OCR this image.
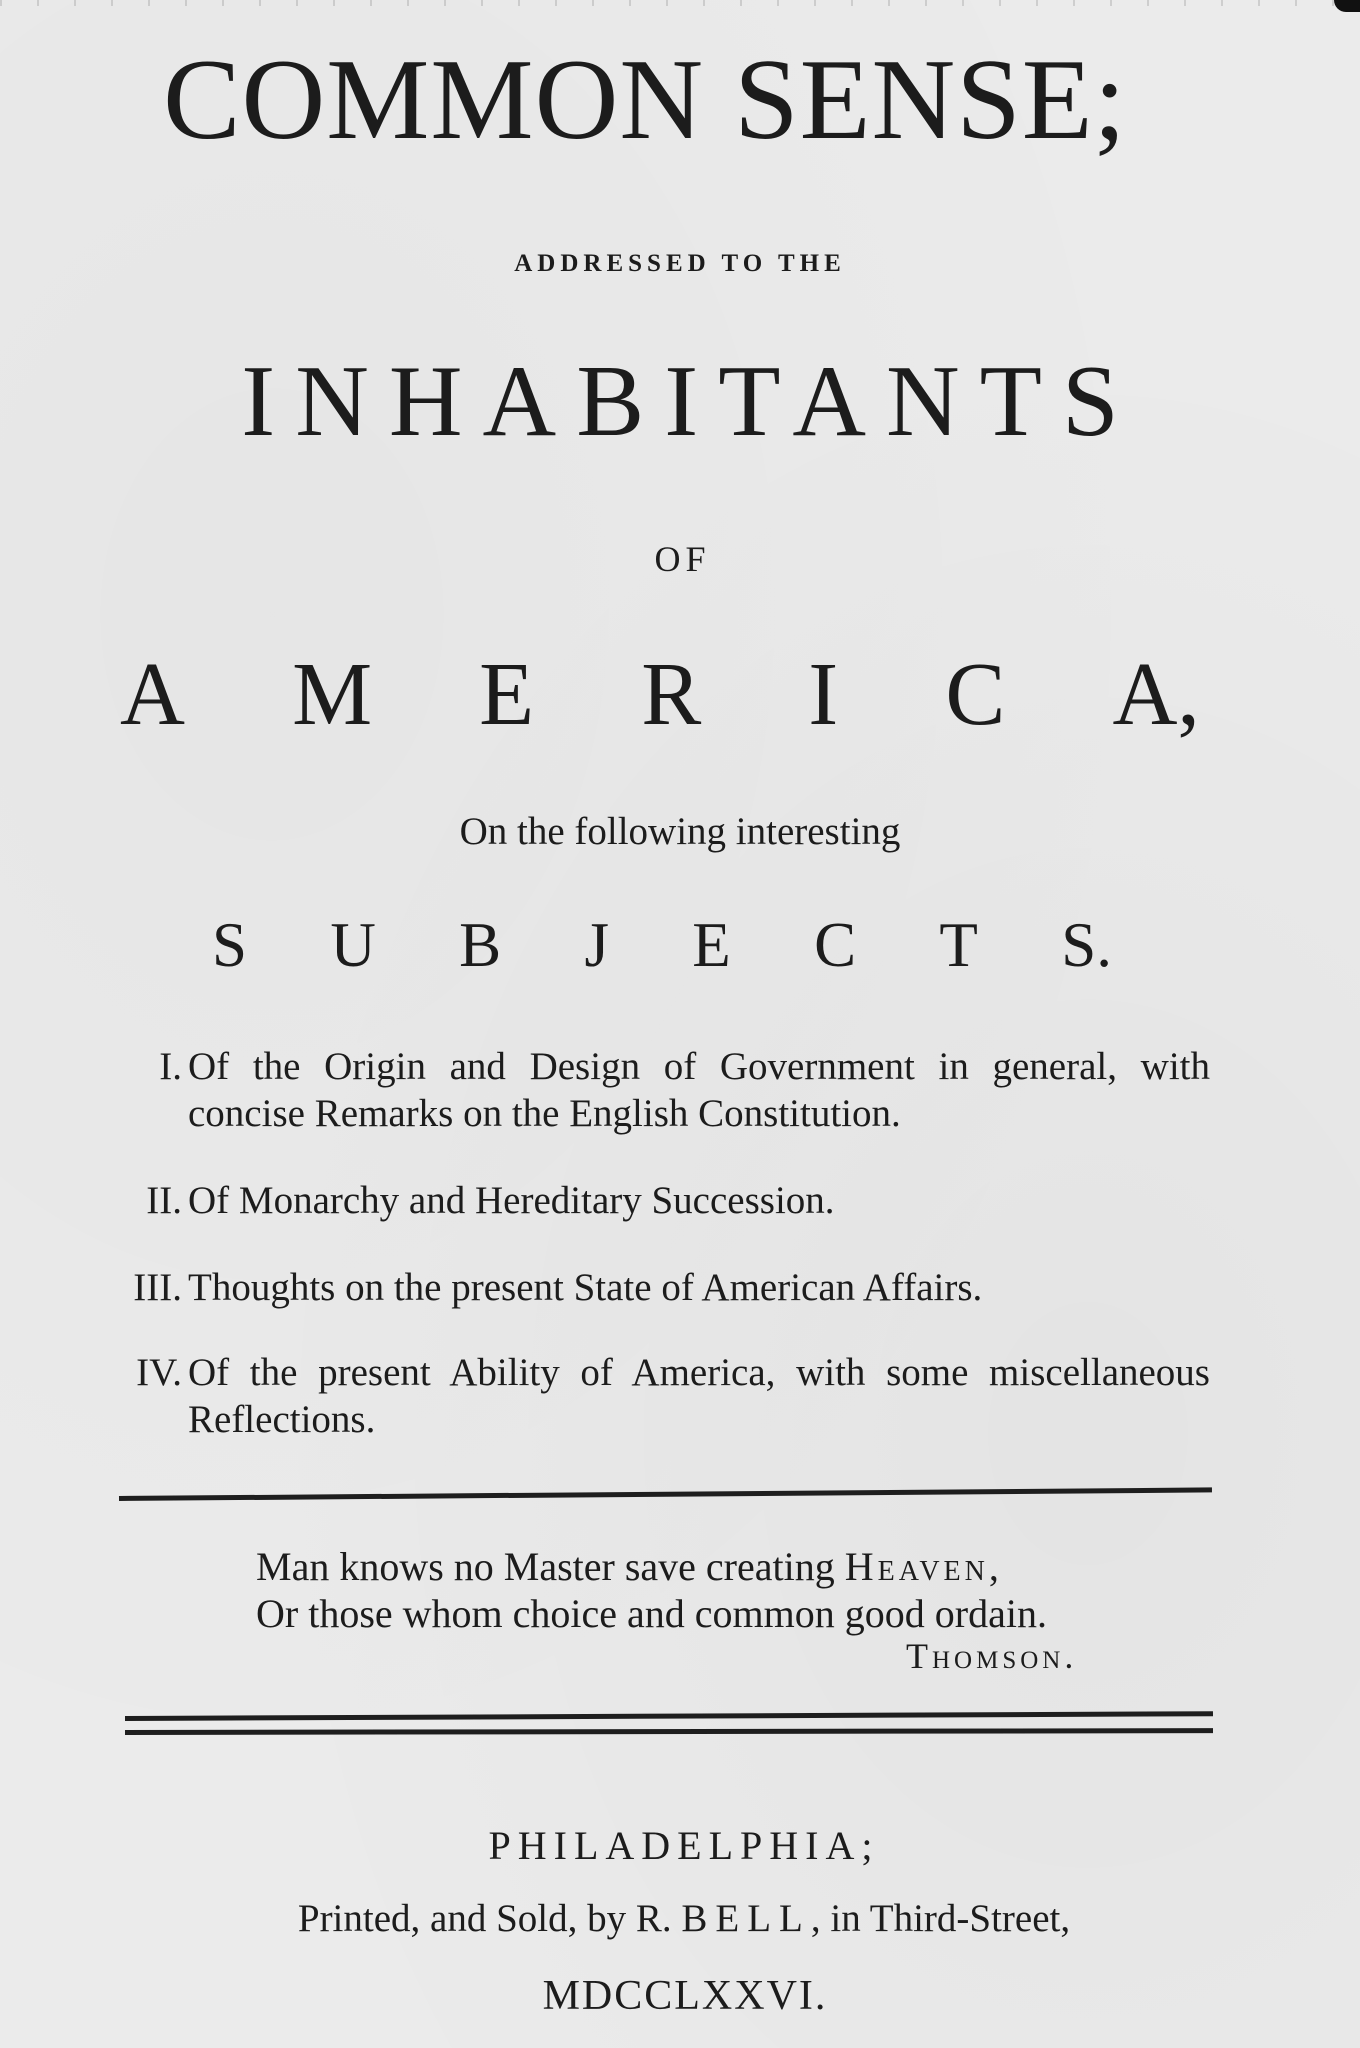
COMMON SENSE;
ADDRESSED TO THE
INHABITANTS
OF
A M E R I C A,
On the following interesting
S U B J E C T S.
I. Of the Origin and Design of Government in general, with concise Remarks on the English Constitution.
II. Of Monarchy and Hereditary Succession.
III. Thoughts on the present State of American Affairs.
IV. Of the present Ability of America, with some miscellaneous Reflections.
Man knows no Master save creating Heaven,
Or those whom choice and common good ordain.
Thomson.
PHILADELPHIA;
Printed, and Sold, by R. BELL, in Third-Street,
MDCCLXXVI.
